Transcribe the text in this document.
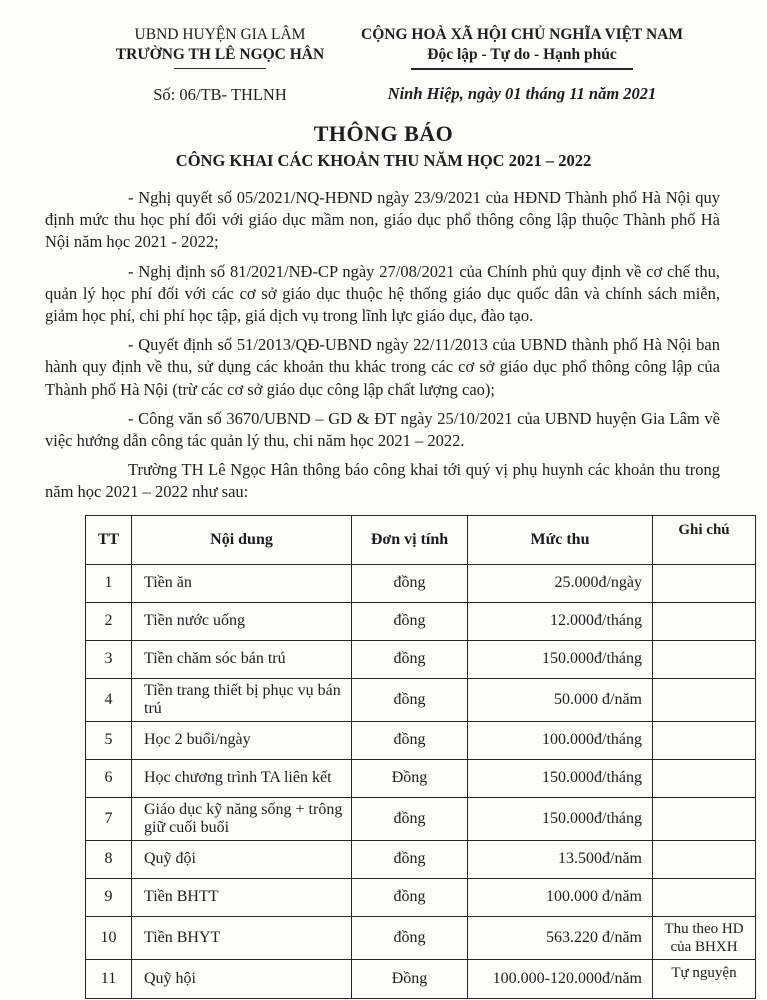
UBND HUYỆN GIA LÂM
TRƯỜNG TH LÊ NGỌC HÂN
Số: 06/TB- THLNH
CỘNG HOÀ XÃ HỘI CHỦ NGHĨA VIỆT NAM
Độc lập - Tự do - Hạnh phúc
Ninh Hiệp, ngày 01 tháng 11 năm 2021
THÔNG BÁO
CÔNG KHAI CÁC KHOẢN THU NĂM HỌC 2021 – 2022

- Nghị quyết số 05/2021/NQ-HĐND ngày 23/9/2021 của HĐND Thành phố Hà Nội quy định mức thu học phí đối với giáo dục mầm non, giáo dục phổ thông công lập thuộc Thành phố Hà Nội năm học 2021 - 2022;

- Nghị định số 81/2021/NĐ-CP ngày 27/08/2021 của Chính phủ quy định về cơ chế thu, quản lý học phí đối với các cơ sở giáo dục thuộc hệ thống giáo dục quốc dân và chính sách miễn, giảm học phí, chi phí học tập, giá dịch vụ trong lĩnh lực giáo dục, đào tạo.

- Quyết định số 51/2013/QĐ-UBND ngày 22/11/2013 của UBND thành phố Hà Nội ban hành quy định về thu, sử dụng các khoản thu khác trong các cơ sở giáo dục phổ thông công lập của Thành phố Hà Nội (trừ các cơ sở giáo dục công lập chất lượng cao);

- Công văn số 3670/UBND – GD & ĐT ngày 25/10/2021 của UBND huyện Gia Lâm về việc hướng dẫn công tác quản lý thu, chi năm học 2021 – 2022.

Trường TH Lê Ngọc Hân thông báo công khai tới quý vị phụ huynh các khoản thu trong năm học 2021 – 2022 như sau:

TT	Nội dung	Đơn vị tính	Mức thu	Ghi chú
1	Tiền ăn	đồng	25.000đ/ngày	
2	Tiền nước uống	đồng	12.000đ/tháng	
3	Tiền chăm sóc bán trú	đồng	150.000đ/tháng	
4	Tiền trang thiết bị phục vụ bán trú	đồng	50.000 đ/năm	
5	Học 2 buổi/ngày	đồng	100.000đ/tháng	
6	Học chương trình TA liên kết	Đồng	150.000đ/tháng	
7	Giáo dục kỹ năng sống + trông giữ cuối buổi	đồng	150.000đ/tháng	
8	Quỹ đội	đồng	13.500đ/năm	
9	Tiền BHTT	đồng	100.000 đ/năm	
10	Tiền BHYT	đồng	563.220 đ/năm	Thu theo HD của BHXH
11	Quỹ hội	Đồng	100.000-120.000đ/năm	Tự nguyện
